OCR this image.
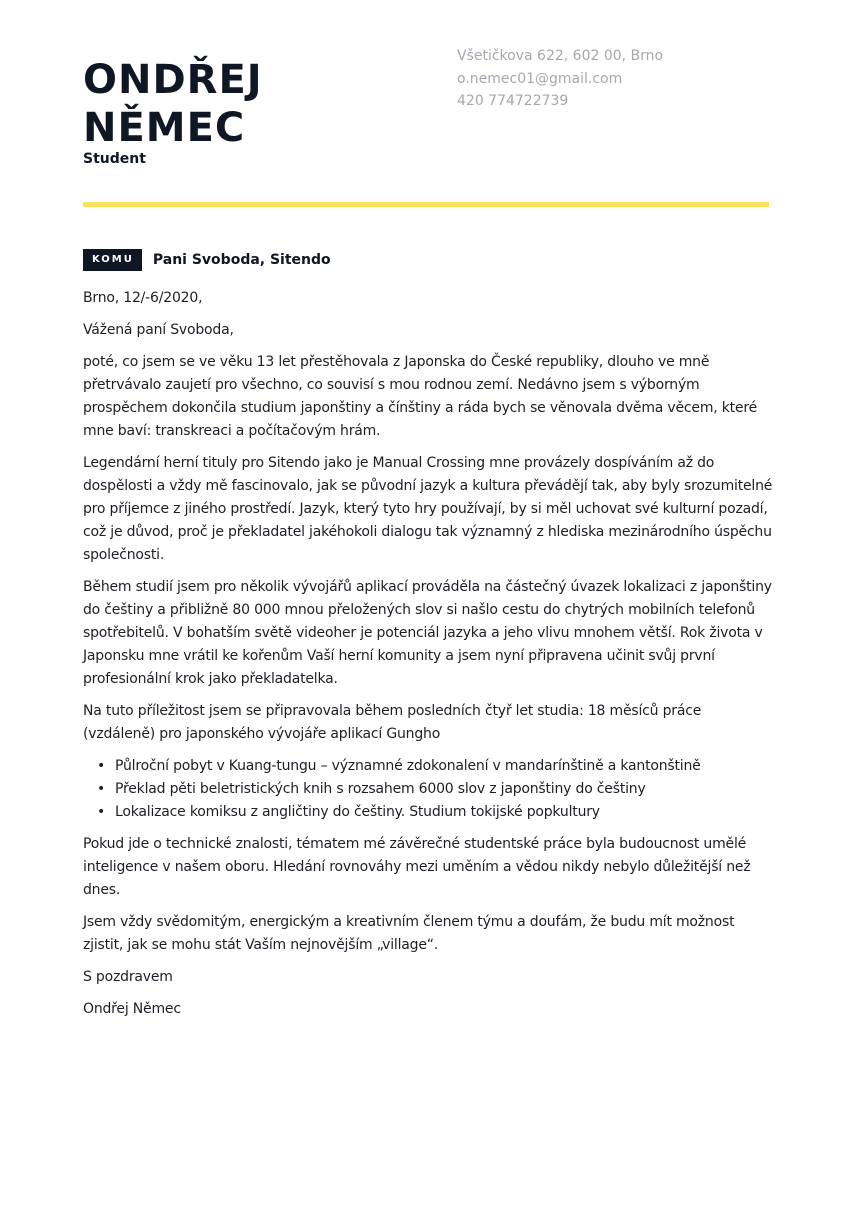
ONDŘEJ
NĚMEC
Student
Všetičkova 622, 602 00, Brno
o.nemec01@gmail.com
420 774722739
KOMU	Pani Svoboda, Sitendo

Brno, 12/-6/2020,

Vážená paní Svoboda,

poté, co jsem se ve věku 13 let přestěhovala z Japonska do České republiky, dlouho ve mně přetrvávalo zaujetí pro všechno, co souvisí s mou rodnou zemí. Nedávno jsem s výborným prospěchem dokončila studium japonštiny a čínštiny a ráda bych se věnovala dvěma věcem, které mne baví: transkreaci a počítačovým hrám.

Legendární herní tituly pro Sitendo jako je Manual Crossing mne provázely dospíváním až do dospělosti a vždy mě fascinovalo, jak se původní jazyk a kultura převádějí tak, aby byly srozumitelné pro příjemce z jiného prostředí. Jazyk, který tyto hry používají, by si měl uchovat své kulturní pozadí, což je důvod, proč je překladatel jakéhokoli dialogu tak významný z hlediska mezinárodního úspěchu společnosti.

Během studií jsem pro několik vývojářů aplikací prováděla na částečný úvazek lokalizaci z japonštiny do češtiny a přibližně 80 000 mnou přeložených slov si našlo cestu do chytrých mobilních telefonů spotřebitelů. V bohatším světě videoher je potenciál jazyka a jeho vlivu mnohem větší. Rok života v Japonsku mne vrátil ke kořenům Vaší herní komunity a jsem nyní připravena učinit svůj první profesionální krok jako překladatelka.

Na tuto příležitost jsem se připravovala během posledních čtyř let studia: 18 měsíců práce (vzdáleně) pro japonského vývojáře aplikací Gungho

• Půlroční pobyt v Kuang-tungu – významné zdokonalení v mandarínštině a kantonštině
• Překlad pěti beletristických knih s rozsahem 6000 slov z japonštiny do češtiny
• Lokalizace komiksu z angličtiny do češtiny. Studium tokijské popkultury

Pokud jde o technické znalosti, tématem mé závěrečné studentské práce byla budoucnost umělé inteligence v našem oboru. Hledání rovnováhy mezi uměním a vědou nikdy nebylo důležitější než dnes.

Jsem vždy svědomitým, energickým a kreativním členem týmu a doufám, že budu mít možnost zjistit, jak se mohu stát Vaším nejnovějším „village“.

S pozdravem

Ondřej Němec
